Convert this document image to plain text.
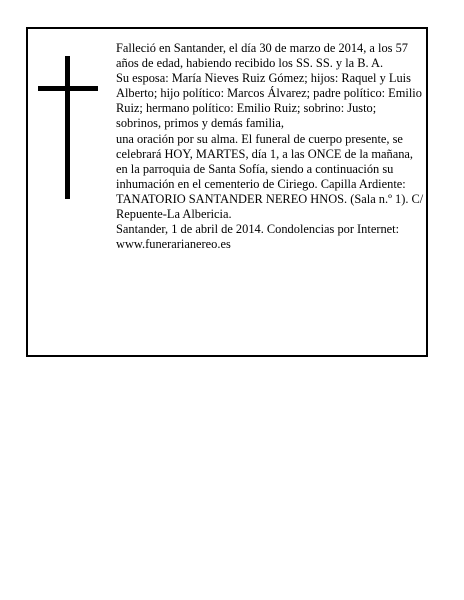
Falleció en Santander, el día 30 de marzo de 2014, a los 57 años de edad, habiendo recibido los SS. SS. y la B. A.

Su esposa: María Nieves Ruiz Gómez; hijos: Raquel y Luis Alberto; hijo político: Marcos Álvarez; padre político: Emilio Ruiz; hermano político: Emilio Ruiz; sobrino: Justo; sobrinos, primos y demás familia,

una oración por su alma. El funeral de cuerpo presente, se celebrará HOY, MARTES, día 1, a las ONCE de la mañana, en la parroquia de Santa Sofía, siendo a continuación su inhumación en el cementerio de Ciriego. Capilla Ardiente: TANATORIO SANTANDER NEREO HNOS. (Sala n.º 1). C/ Repuente-La Albericia.

Santander, 1 de abril de 2014. Condolencias por Internet: www.funerarianereo.es
